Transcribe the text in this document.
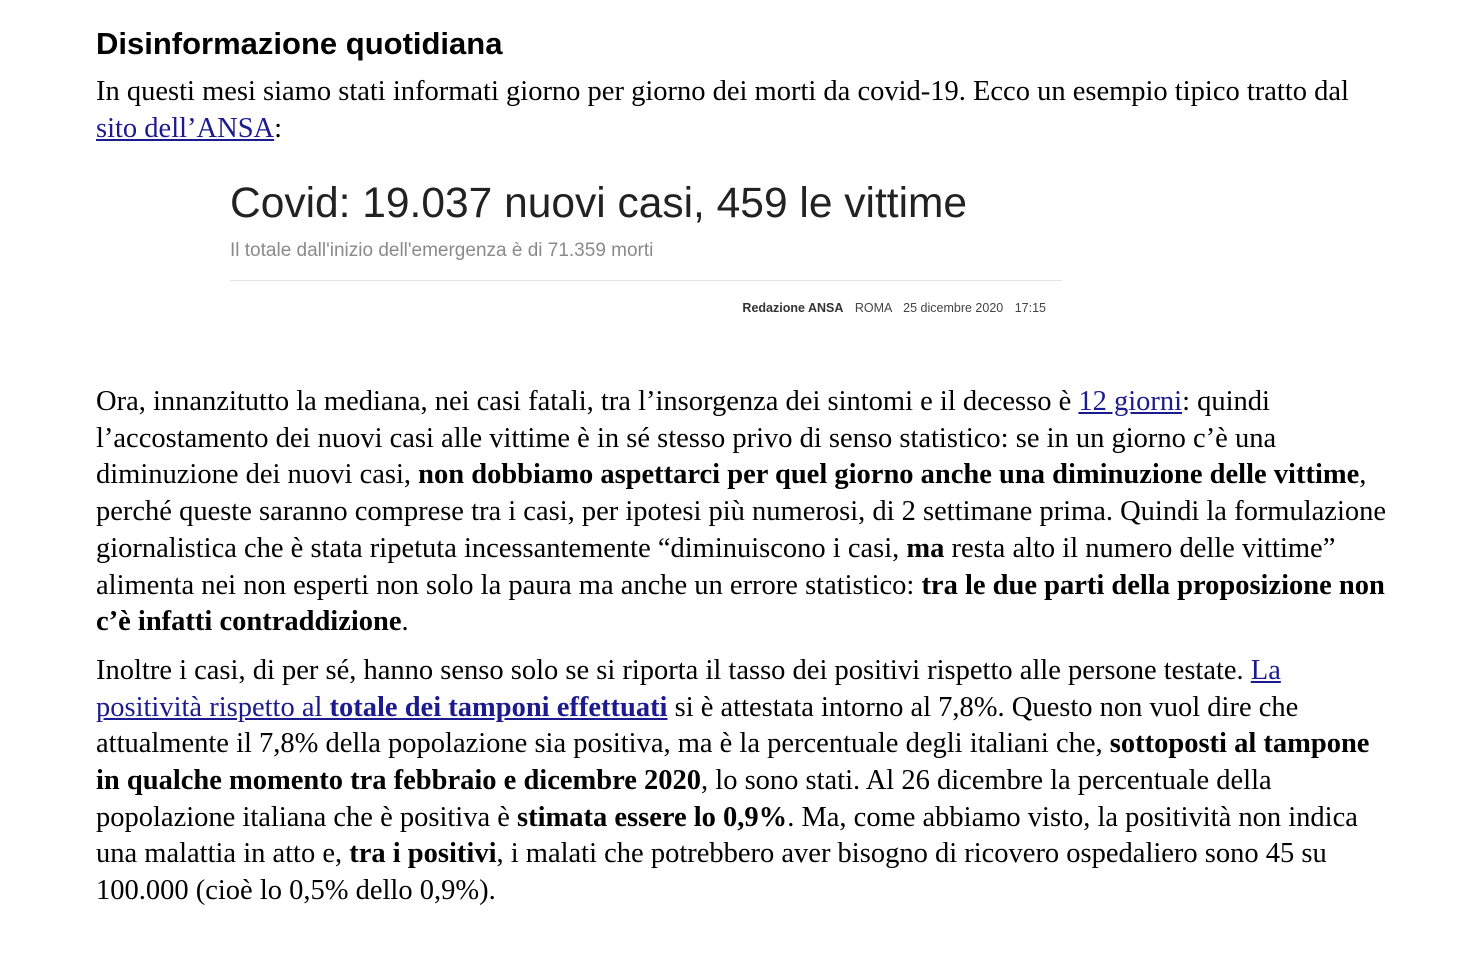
Disinformazione quotidiana

In questi mesi siamo stati informati giorno per giorno dei morti da covid-19. Ecco un esempio tipico tratto dal sito dell’ANSA:

Covid: 19.037 nuovi casi, 459 le vittime
Il totale dall'inizio dell'emergenza è di 71.359 morti
Redazione ANSA ROMA 25 dicembre 2020 17:15

Ora, innanzitutto la mediana, nei casi fatali, tra l’insorgenza dei sintomi e il decesso è 12 giorni: quindi l’accostamento dei nuovi casi alle vittime è in sé stesso privo di senso statistico: se in un giorno c’è una diminuzione dei nuovi casi, non dobbiamo aspettarci per quel giorno anche una diminuzione delle vittime, perché queste saranno comprese tra i casi, per ipotesi più numerosi, di 2 settimane prima. Quindi la formulazione giornalistica che è stata ripetuta incessantemente “diminuiscono i casi, ma resta alto il numero delle vittime” alimenta nei non esperti non solo la paura ma anche un errore statistico: tra le due parti della proposizione non c’è infatti contraddizione.

Inoltre i casi, di per sé, hanno senso solo se si riporta il tasso dei positivi rispetto alle persone testate. La positività rispetto al totale dei tamponi effettuati si è attestata intorno al 7,8%. Questo non vuol dire che attualmente il 7,8% della popolazione sia positiva, ma è la percentuale degli italiani che, sottoposti al tampone in qualche momento tra febbraio e dicembre 2020, lo sono stati. Al 26 dicembre la percentuale della popolazione italiana che è positiva è stimata essere lo 0,9%. Ma, come abbiamo visto, la positività non indica una malattia in atto e, tra i positivi, i malati che potrebbero aver bisogno di ricovero ospedaliero sono 45 su 100.000 (cioè lo 0,5% dello 0,9%).
